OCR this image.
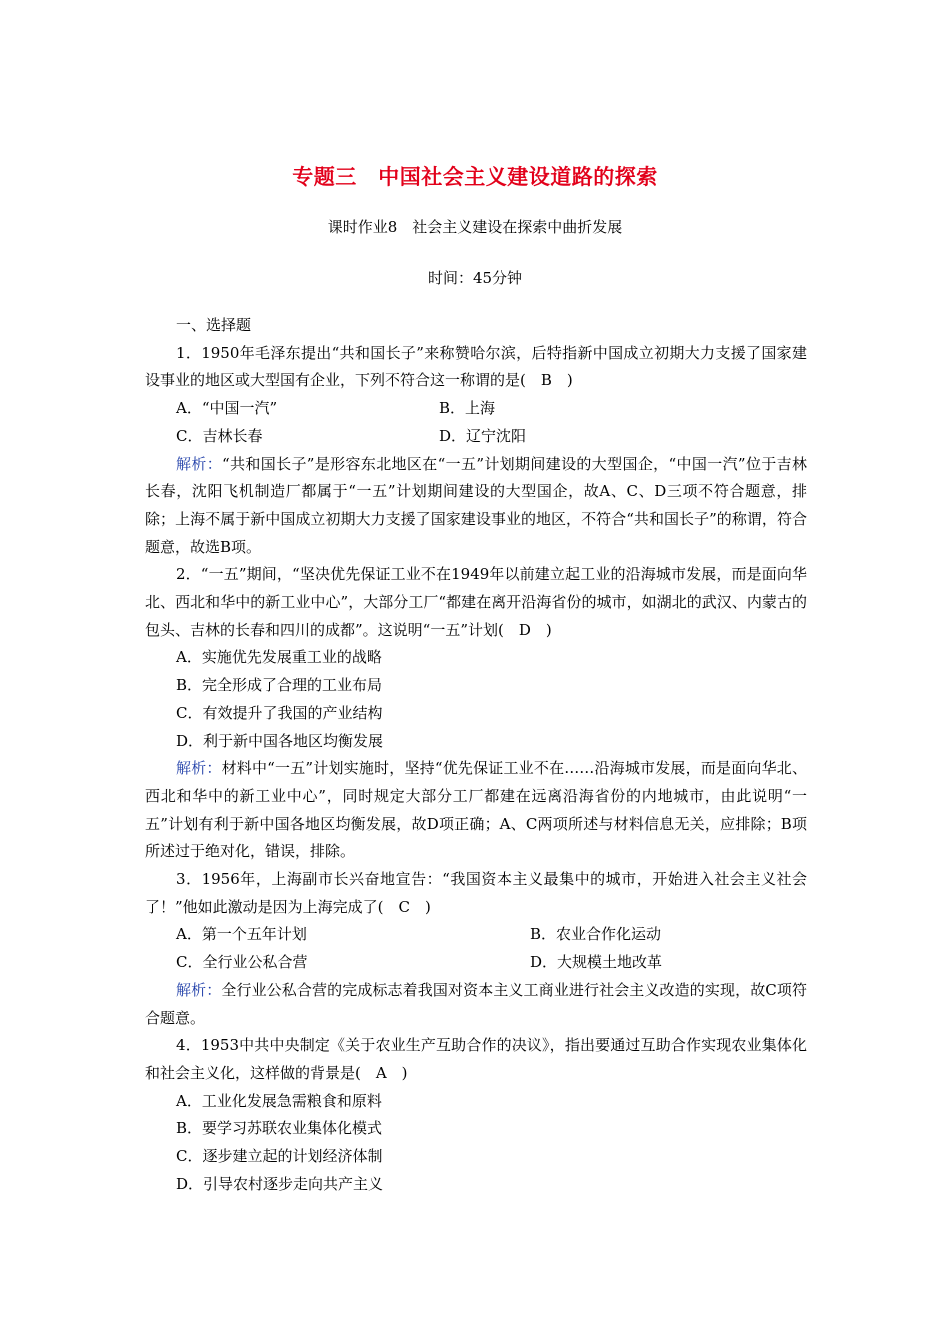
专题三　中国社会主义建设道路的探索
课时作业8　社会主义建设在探索中曲折发展
时间：45分钟

一、选择题

1．1950年毛泽东提出“共和国长子”来称赞哈尔滨，后特指新中国成立初期大力支援了国家建设事业的地区或大型国有企业，下列不符合这一称谓的是(　B　)

A．“中国一汽”	B．上海
C．吉林长春	D．辽宁沈阳

解析：“共和国长子”是形容东北地区在“一五”计划期间建设的大型国企，“中国一汽”位于吉林长春，沈阳飞机制造厂都属于“一五”计划期间建设的大型国企，故A、C、D三项不符合题意，排除；上海不属于新中国成立初期大力支援了国家建设事业的地区，不符合“共和国长子”的称谓，符合题意，故选B项。

2．“一五”期间，“坚决优先保证工业不在1949年以前建立起工业的沿海城市发展，而是面向华北、西北和华中的新工业中心”，大部分工厂“都建在离开沿海省份的城市，如湖北的武汉、内蒙古的包头、吉林的长春和四川的成都”。这说明“一五”计划(　D　)

A．实施优先发展重工业的战略

B．完全形成了合理的工业布局

C．有效提升了我国的产业结构

D．利于新中国各地区均衡发展

解析：材料中“一五”计划实施时，坚持“优先保证工业不在……沿海城市发展，而是面向华北、西北和华中的新工业中心”，同时规定大部分工厂都建在远离沿海省份的内地城市，由此说明“一五”计划有利于新中国各地区均衡发展，故D项正确；A、C两项所述与材料信息无关，应排除；B项所述过于绝对化，错误，排除。

3．1956年，上海副市长兴奋地宣告：“我国资本主义最集中的城市，开始进入社会主义社会了！”他如此激动是因为上海完成了(　C　)

A．第一个五年计划	B．农业合作化运动
C．全行业公私合营	D．大规模土地改革

解析：全行业公私合营的完成标志着我国对资本主义工商业进行社会主义改造的实现，故C项符合题意。

4．1953中共中央制定《关于农业生产互助合作的决议》，指出要通过互助合作实现农业集体化和社会主义化，这样做的背景是(　A　)

A．工业化发展急需粮食和原料

B．要学习苏联农业集体化模式

C．逐步建立起的计划经济体制

D．引导农村逐步走向共产主义
